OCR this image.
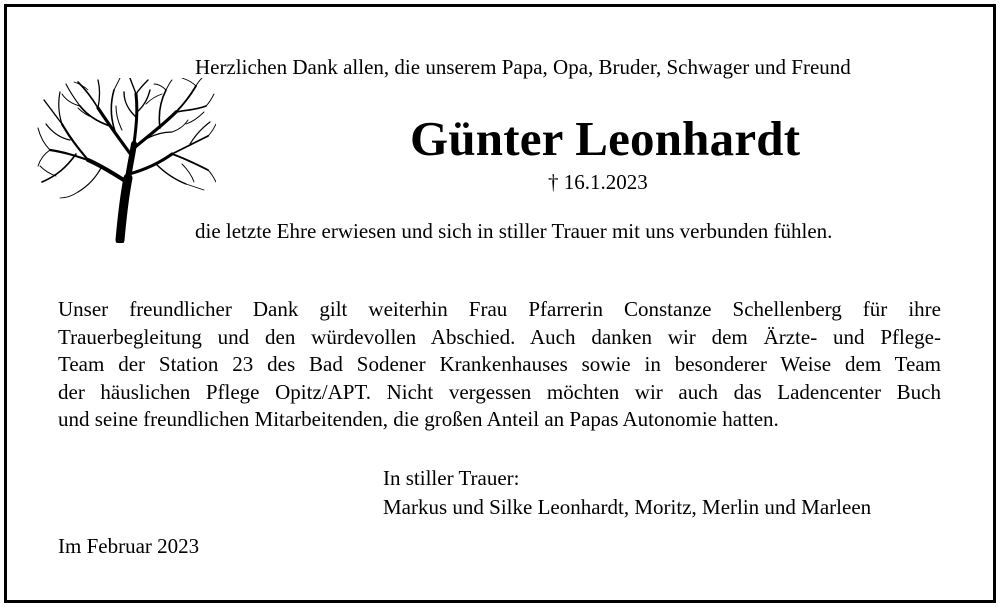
Herzlichen Dank allen, die unserem Papa, Opa, Bruder, Schwager und Freund
Günter Leonhardt
† 16.1.2023
die letzte Ehre erwiesen und sich in stiller Trauer mit uns verbunden fühlen.
Unser freundlicher Dank gilt weiterhin Frau Pfarrerin Constanze Schellenberg für ihre
Trauerbegleitung und den würdevollen Abschied. Auch danken wir dem Ärzte- und Pflege-
Team der Station 23 des Bad Sodener Krankenhauses sowie in besonderer Weise dem Team
der häuslichen Pflege Opitz/APT. Nicht vergessen möchten wir auch das Ladencenter Buch
und seine freundlichen Mitarbeitenden, die großen Anteil an Papas Autonomie hatten.
In stiller Trauer:
Markus und Silke Leonhardt, Moritz, Merlin und Marleen
Im Februar 2023
